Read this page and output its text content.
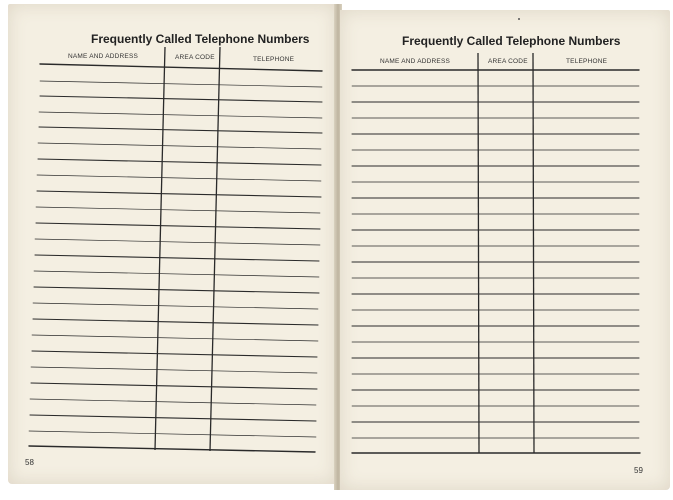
Frequently Called Telephone Numbers
NAME AND ADDRESS	AREA CODE	TELEPHONE
58
Frequently Called Telephone Numbers
NAME AND ADDRESS	AREA CODE	TELEPHONE
59
